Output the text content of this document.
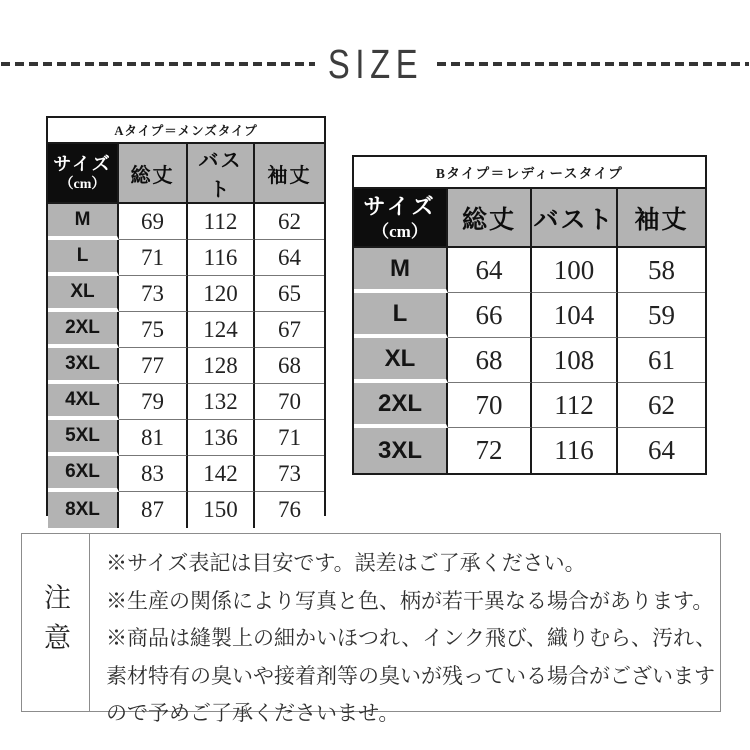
SIZE
Aタイプ＝メンズタイプ			

サイズ
（cm）	総丈	バスト	袖丈
M	69	112	62
L	71	116	64
XL	73	120	65
2XL	75	124	67
3XL	77	128	68
4XL	79	132	70
5XL	81	136	71
6XL	83	142	73
8XL	87	150	76
Bタイプ＝レディースタイプ			

サイズ
（cm）	総丈	バスト	袖丈
M	64	100	58
L	66	104	59
XL	68	108	61
2XL	70	112	62
3XL	72	116	64
注意
※サイズ表記は目安です。誤差はご了承ください。
※生産の関係により写真と色、柄が若干異なる場合があります。
※商品は縫製上の細かいほつれ、インク飛び、織りむら、汚れ、
素材特有の臭いや接着剤等の臭いが残っている場合がございます
ので予めご了承くださいませ。
